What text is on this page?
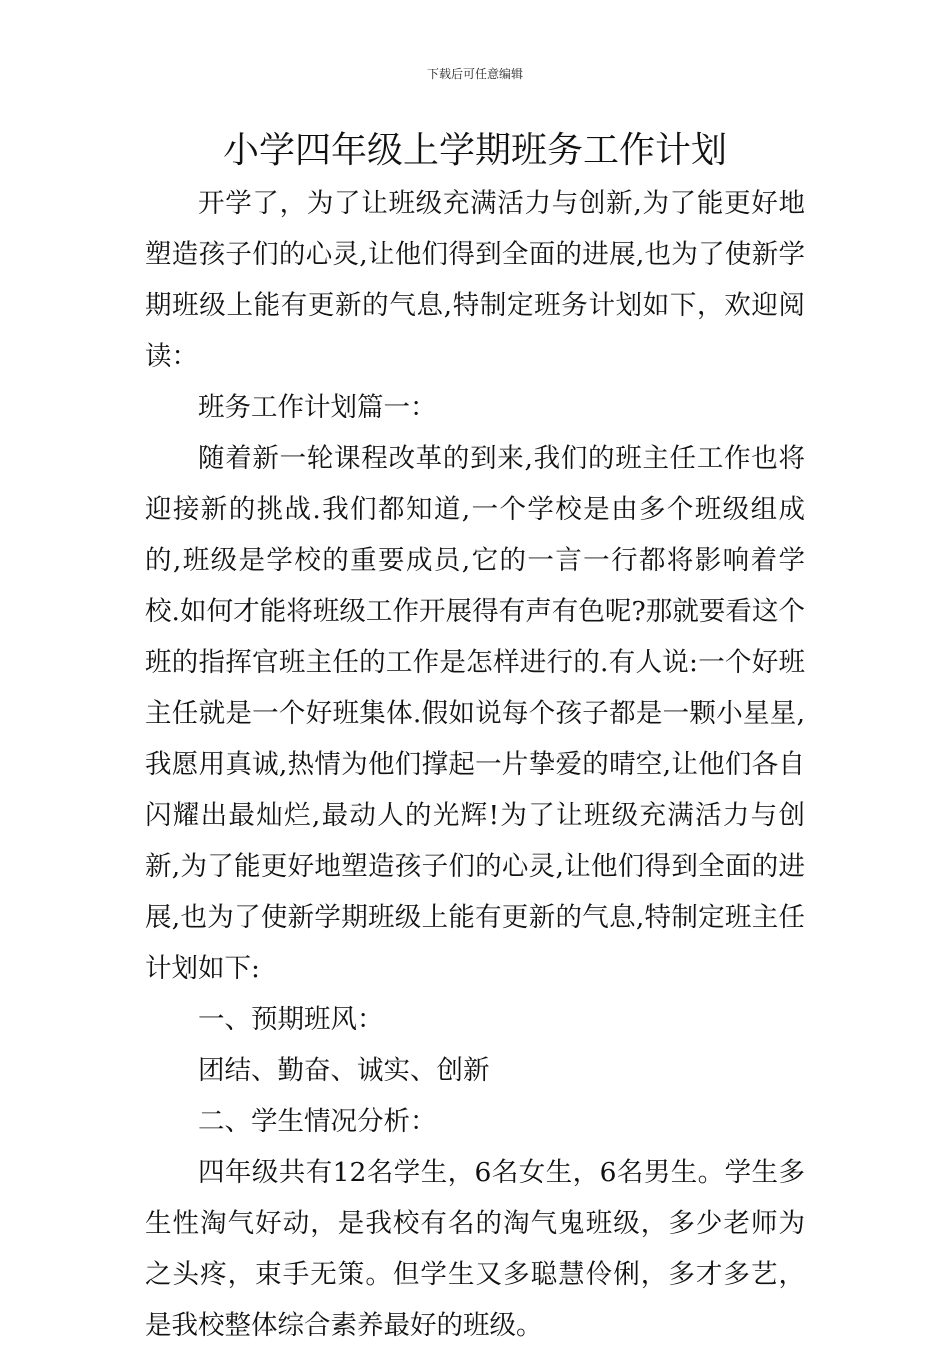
下载后可任意编辑
小学四年级上学期班务工作计划

开学了，为了让班级充满活力与创新,为了能更好地塑造孩子们的心灵,让他们得到全面的进展,也为了使新学期班级上能有更新的气息,特制定班务计划如下，欢迎阅读：

班务工作计划篇一：

随着新一轮课程改革的到来,我们的班主任工作也将迎接新的挑战.我们都知道,一个学校是由多个班级组成的,班级是学校的重要成员,它的一言一行都将影响着学校.如何才能将班级工作开展得有声有色呢?那就要看这个班的指挥官班主任的工作是怎样进行的.有人说:一个好班主任就是一个好班集体.假如说每个孩子都是一颗小星星,我愿用真诚,热情为他们撑起一片挚爱的晴空,让他们各自闪耀出最灿烂,最动人的光辉!为了让班级充满活力与创新,为了能更好地塑造孩子们的心灵,让他们得到全面的进展,也为了使新学期班级上能有更新的气息,特制定班主任计划如下:

一、预期班风：

团结、勤奋、诚实、创新

二、学生情况分析：

四年级共有12名学生，6名女生，6名男生。学生多生性淘气好动，是我校有名的淘气鬼班级，多少老师为之头疼，束手无策。但学生又多聪慧伶俐，多才多艺，是我校整体综合素养最好的班级。
